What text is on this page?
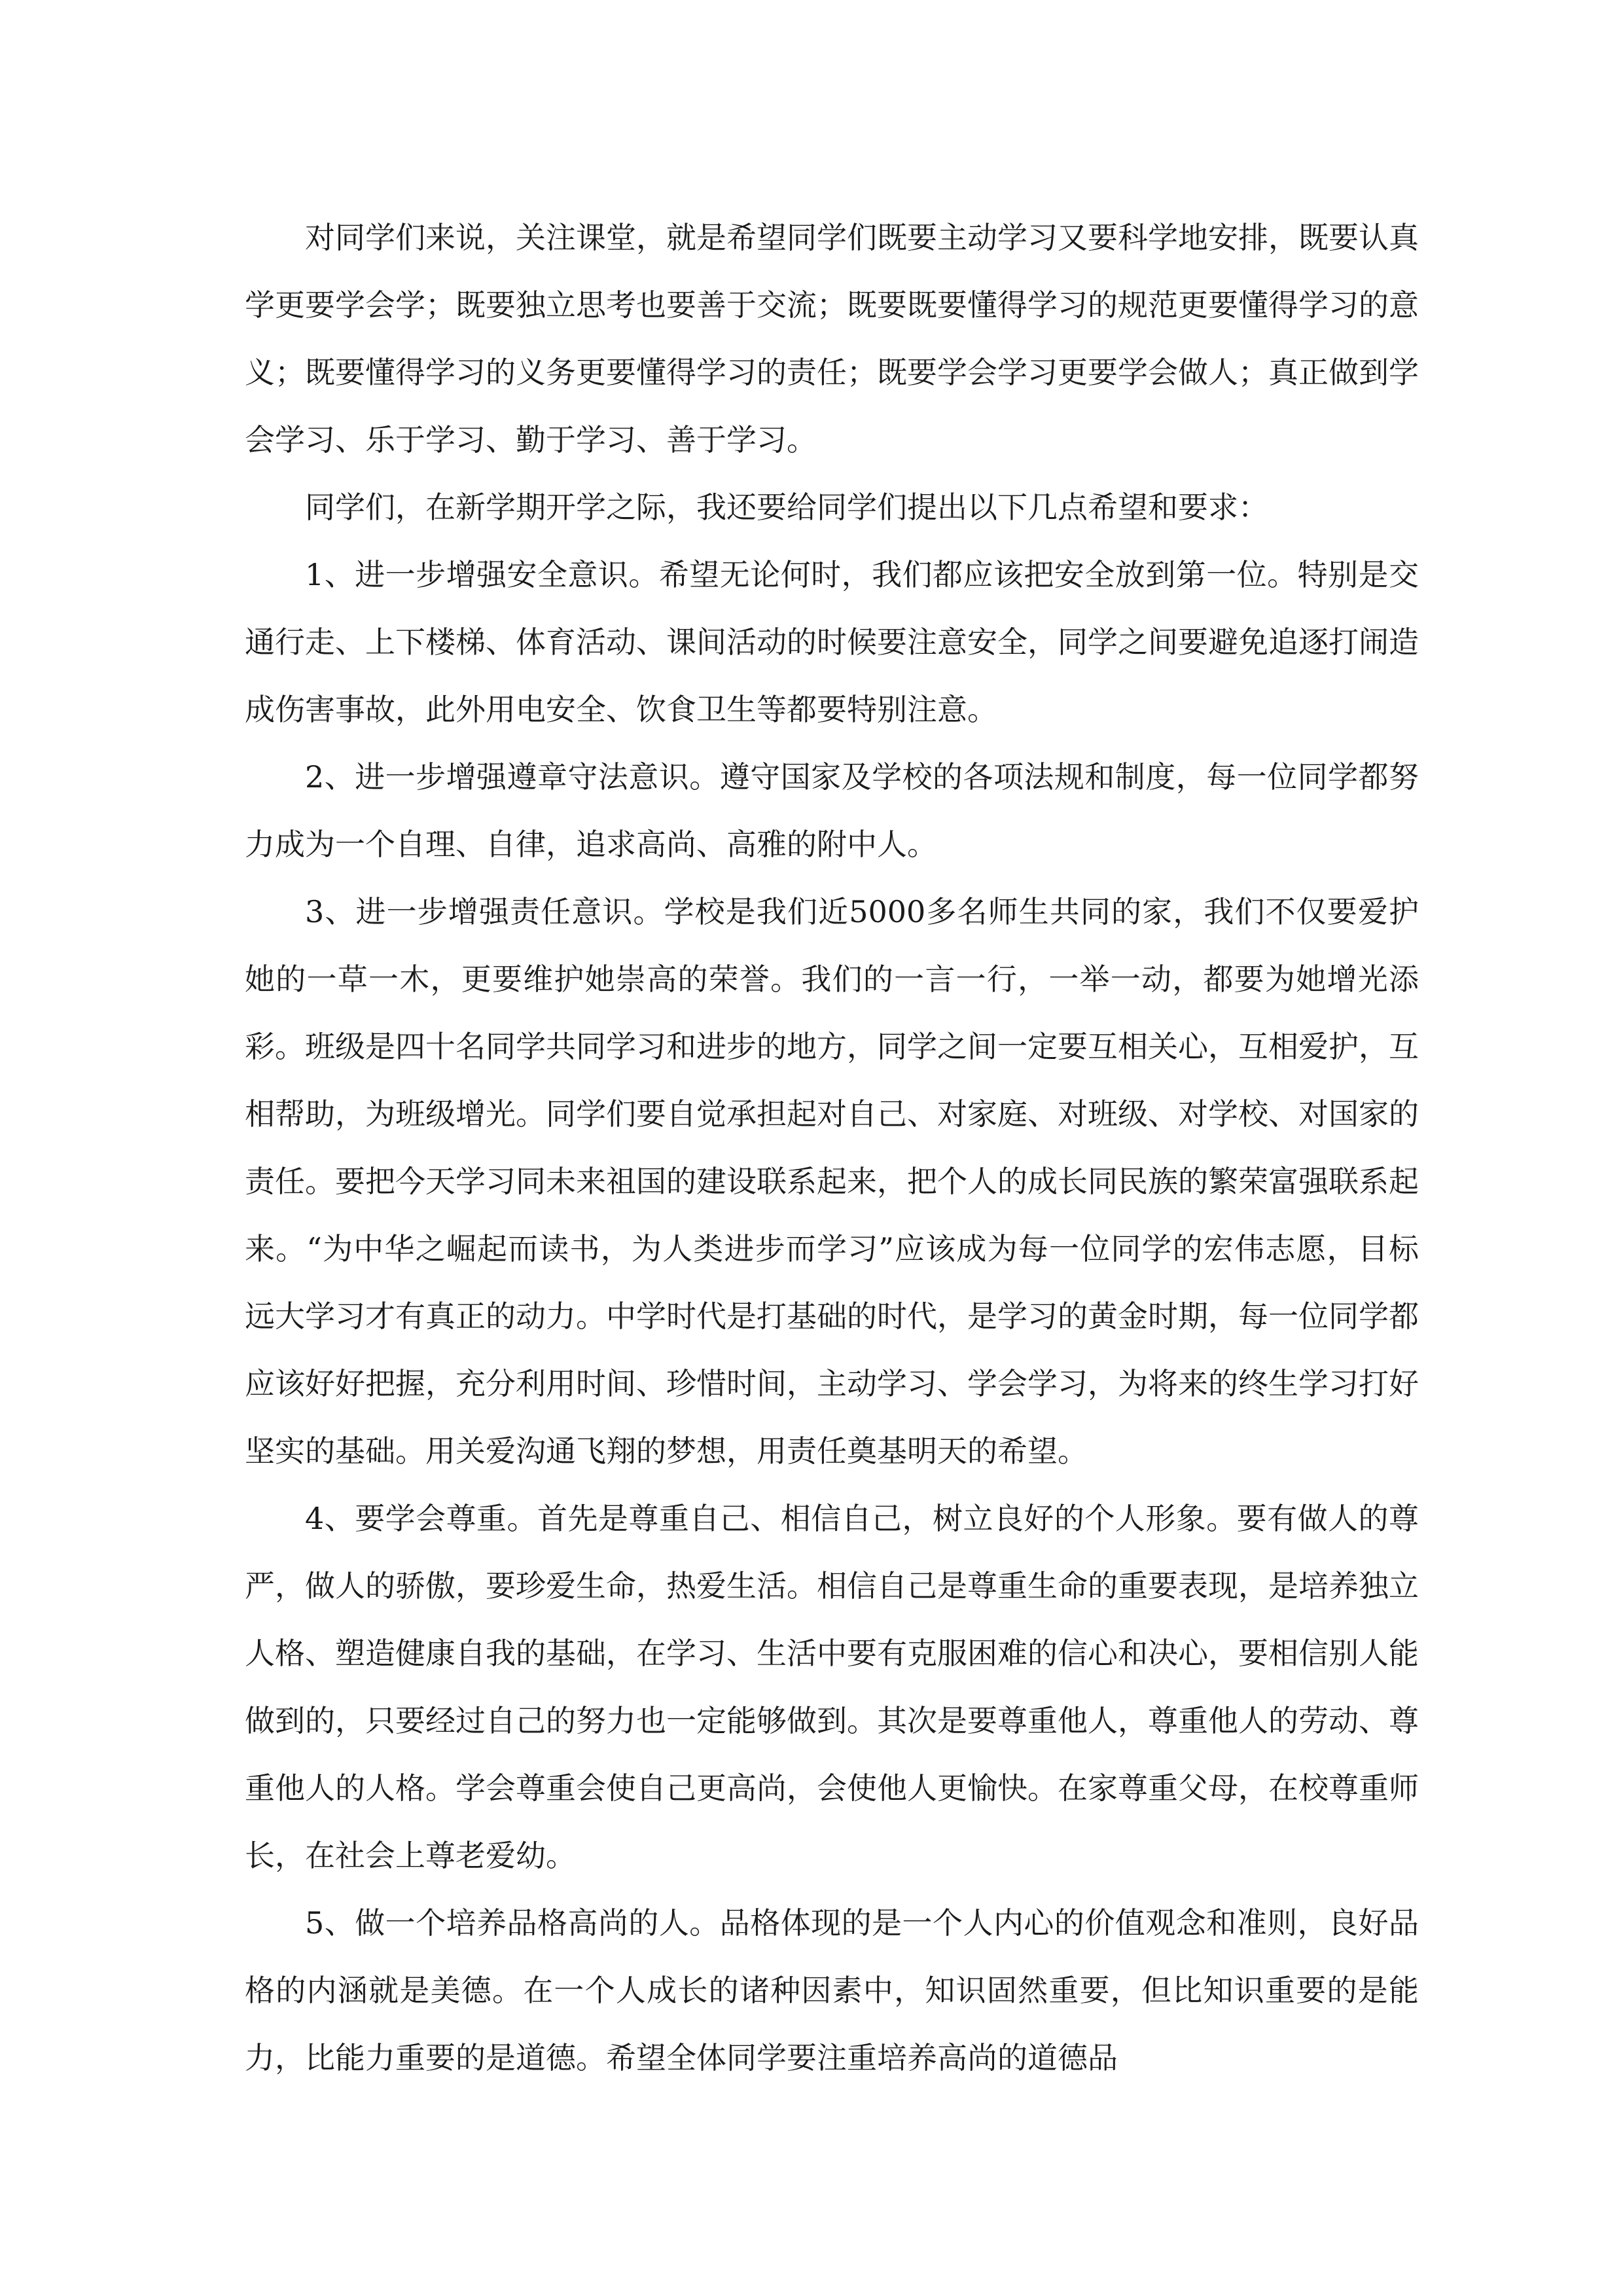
对同学们来说，关注课堂，就是希望同学们既要主动学习又要科学地安排，既要认真学更要学会学；既要独立思考也要善于交流；既要既要懂得学习的规范更要懂得学习的意义；既要懂得学习的义务更要懂得学习的责任；既要学会学习更要学会做人；真正做到学会学习、乐于学习、勤于学习、善于学习。

同学们，在新学期开学之际，我还要给同学们提出以下几点希望和要求：

1、进一步增强安全意识。希望无论何时，我们都应该把安全放到第一位。特别是交通行走、上下楼梯、体育活动、课间活动的时候要注意安全，同学之间要避免追逐打闹造成伤害事故，此外用电安全、饮食卫生等都要特别注意。

2、进一步增强遵章守法意识。遵守国家及学校的各项法规和制度，每一位同学都努力成为一个自理、自律，追求高尚、高雅的附中人。

3、进一步增强责任意识。学校是我们近5000多名师生共同的家，我们不仅要爱护她的一草一木，更要维护她崇高的荣誉。我们的一言一行，一举一动，都要为她增光添彩。班级是四十名同学共同学习和进步的地方，同学之间一定要互相关心，互相爱护，互相帮助，为班级增光。同学们要自觉承担起对自己、对家庭、对班级、对学校、对国家的责任。要把今天学习同未来祖国的建设联系起来，把个人的成长同民族的繁荣富强联系起来。“为中华之崛起而读书，为人类进步而学习”应该成为每一位同学的宏伟志愿，目标远大学习才有真正的动力。中学时代是打基础的时代，是学习的黄金时期，每一位同学都应该好好把握，充分利用时间、珍惜时间，主动学习、学会学习，为将来的终生学习打好坚实的基础。用关爱沟通飞翔的梦想，用责任奠基明天的希望。

4、要学会尊重。首先是尊重自己、相信自己，树立良好的个人形象。要有做人的尊严，做人的骄傲，要珍爱生命，热爱生活。相信自己是尊重生命的重要表现，是培养独立人格、塑造健康自我的基础，在学习、生活中要有克服困难的信心和决心，要相信别人能做到的，只要经过自己的努力也一定能够做到。其次是要尊重他人，尊重他人的劳动、尊重他人的人格。学会尊重会使自己更高尚，会使他人更愉快。在家尊重父母，在校尊重师长，在社会上尊老爱幼。

5、做一个培养品格高尚的人。品格体现的是一个人内心的价值观念和准则，良好品格的内涵就是美德。在一个人成长的诸种因素中，知识固然重要，但比知识重要的是能力，比能力重要的是道德。希望全体同学要注重培养高尚的道德品
